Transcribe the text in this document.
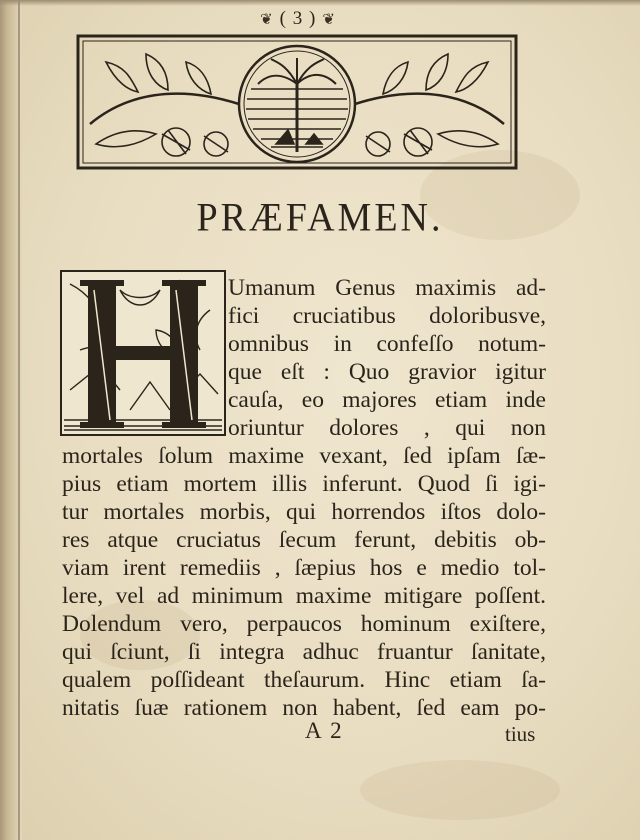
❦ ( 3 ) ❦
PRÆFAMEN.
Umanum Genus maximis ad-
fici cruciatibus doloribusve,
omnibus in confeſſo notum-
que eſt : Quo gravior igitur
cauſa, eo majores etiam inde
oriuntur dolores , qui non
mortales ſolum maxime vexant, ſed ipſam ſæ-
pius etiam mortem illis inferunt. Quod ſi igi-
tur mortales morbis, qui horrendos iſtos dolo-
res atque cruciatus ſecum ferunt, debitis ob-
viam irent remediis , ſæpius hos e medio tol-
lere, vel ad minimum maxime mitigare poſſent.
Dolendum vero, perpaucos hominum exiſtere,
qui ſciunt, ſi integra adhuc fruantur ſanitate,
qualem poſſideant theſaurum. Hinc etiam ſa-
nitatis ſuæ rationem non habent, ſed eam po-
A 2	tius
